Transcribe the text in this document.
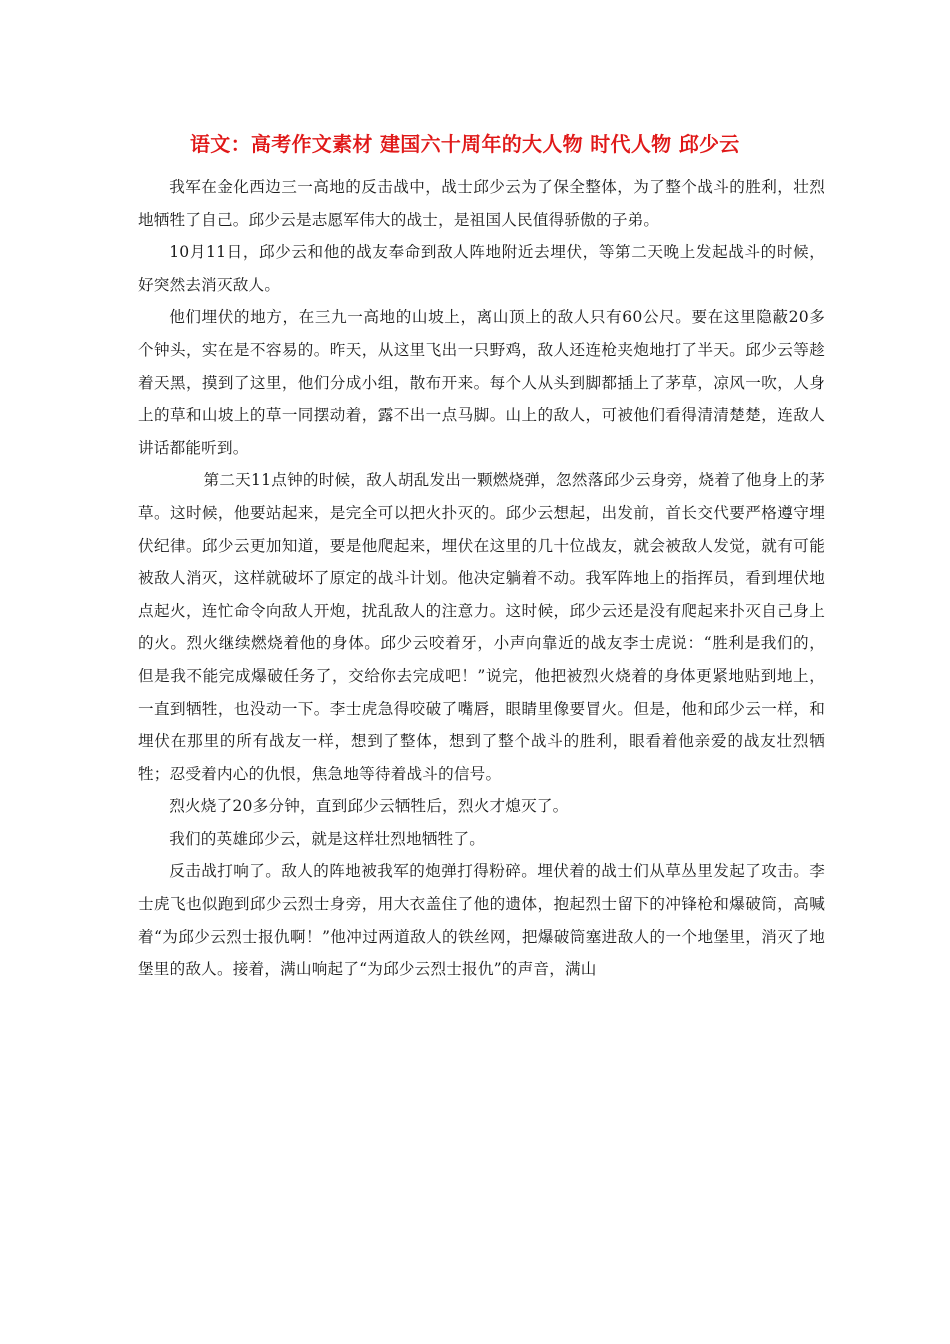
语文：高考作文素材 建国六十周年的大人物 时代人物 邱少云

我军在金化西边三一高地的反击战中，战士邱少云为了保全整体，为了整个战斗的胜利，壮烈地牺牲了自己。邱少云是志愿军伟大的战士，是祖国人民值得骄傲的子弟。

10月11日，邱少云和他的战友奉命到敌人阵地附近去埋伏，等第二天晚上发起战斗的时候，好突然去消灭敌人。

他们埋伏的地方，在三九一高地的山坡上，离山顶上的敌人只有60公尺。要在这里隐蔽20多个钟头，实在是不容易的。昨天，从这里飞出一只野鸡，敌人还连枪夹炮地打了半天。邱少云等趁着天黑，摸到了这里，他们分成小组，散布开来。每个人从头到脚都插上了茅草，凉风一吹，人身上的草和山坡上的草一同摆动着，露不出一点马脚。山上的敌人，可被他们看得清清楚楚，连敌人讲话都能听到。

第二天11点钟的时候，敌人胡乱发出一颗燃烧弹，忽然落邱少云身旁，烧着了他身上的茅草。这时候，他要站起来，是完全可以把火扑灭的。邱少云想起，出发前，首长交代要严格遵守埋伏纪律。邱少云更加知道，要是他爬起来，埋伏在这里的几十位战友，就会被敌人发觉，就有可能被敌人消灭，这样就破坏了原定的战斗计划。他决定躺着不动。我军阵地上的指挥员，看到埋伏地点起火，连忙命令向敌人开炮，扰乱敌人的注意力。这时候，邱少云还是没有爬起来扑灭自己身上的火。烈火继续燃烧着他的身体。邱少云咬着牙，小声向靠近的战友李士虎说：“胜利是我们的，但是我不能完成爆破任务了，交给你去完成吧！”说完，他把被烈火烧着的身体更紧地贴到地上，一直到牺牲，也没动一下。李士虎急得咬破了嘴唇，眼睛里像要冒火。但是，他和邱少云一样，和埋伏在那里的所有战友一样，想到了整体，想到了整个战斗的胜利，眼看着他亲爱的战友壮烈牺牲；忍受着内心的仇恨，焦急地等待着战斗的信号。

烈火烧了20多分钟，直到邱少云牺牲后，烈火才熄灭了。

我们的英雄邱少云，就是这样壮烈地牺牲了。

反击战打响了。敌人的阵地被我军的炮弹打得粉碎。埋伏着的战士们从草丛里发起了攻击。李士虎飞也似跑到邱少云烈士身旁，用大衣盖住了他的遗体，抱起烈士留下的冲锋枪和爆破筒，高喊着“为邱少云烈士报仇啊！”他冲过两道敌人的铁丝网，把爆破筒塞进敌人的一个地堡里，消灭了地堡里的敌人。接着，满山响起了“为邱少云烈士报仇”的声音，满山
